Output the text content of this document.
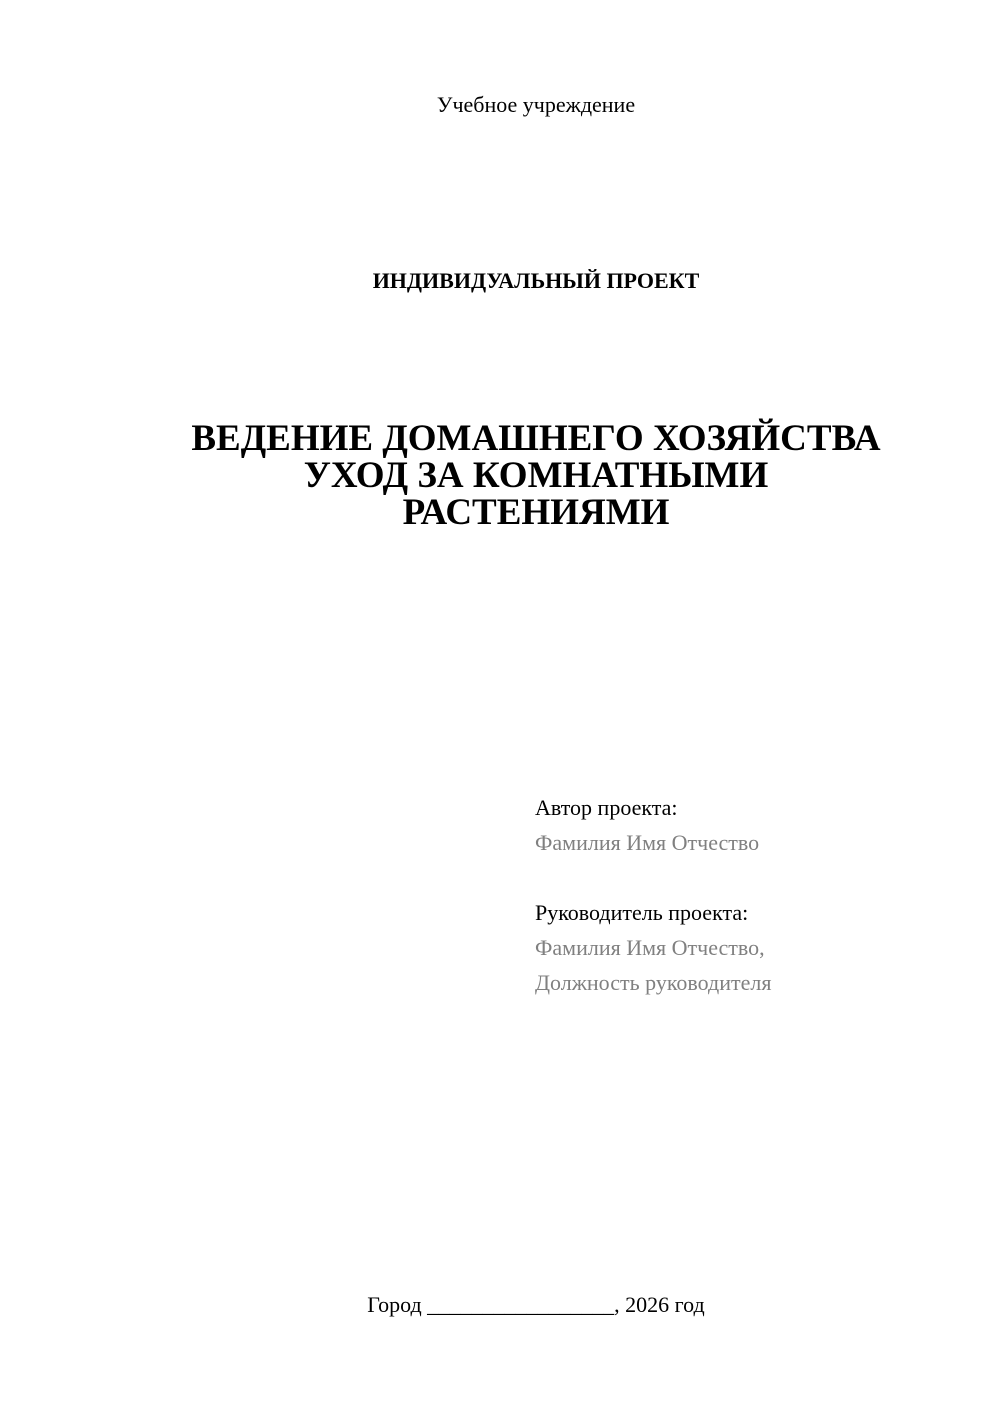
Учебное учреждение
ИНДИВИДУАЛЬНЫЙ ПРОЕКТ
ВЕДЕНИЕ ДОМАШНЕГО ХОЗЯЙСТВА
УХОД ЗА КОМНАТНЫМИ
РАСТЕНИЯМИ
Автор проекта:
Фамилия Имя Отчество
Руководитель проекта:
Фамилия Имя Отчество,
Должность руководителя
Город _________________, 2026 год
